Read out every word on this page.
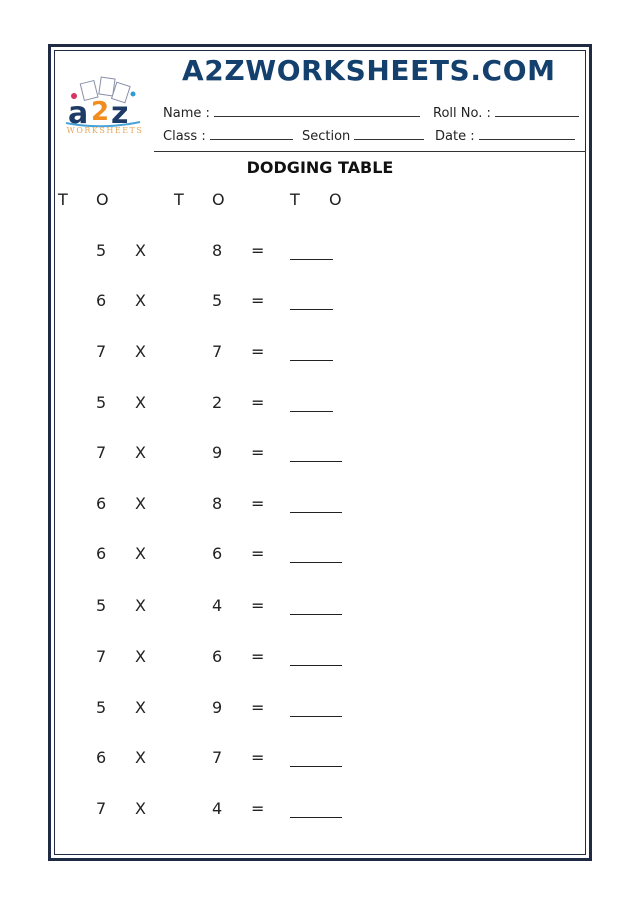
a 2 z
WORKSHEETS
A2ZWORKSHEETS.COM
Name :	Roll No. :
Class :	Section	Date :
DODGING TABLE
T O	T O	T O
5 X	8 =
6 X	5 =
7 X	7 =
5 X	2 =
7 X	9 =
6 X	8 =
6 X	6 =
5 X	4 =
7 X	6 =
5 X	9 =
6 X	7 =
7 X	4 =
